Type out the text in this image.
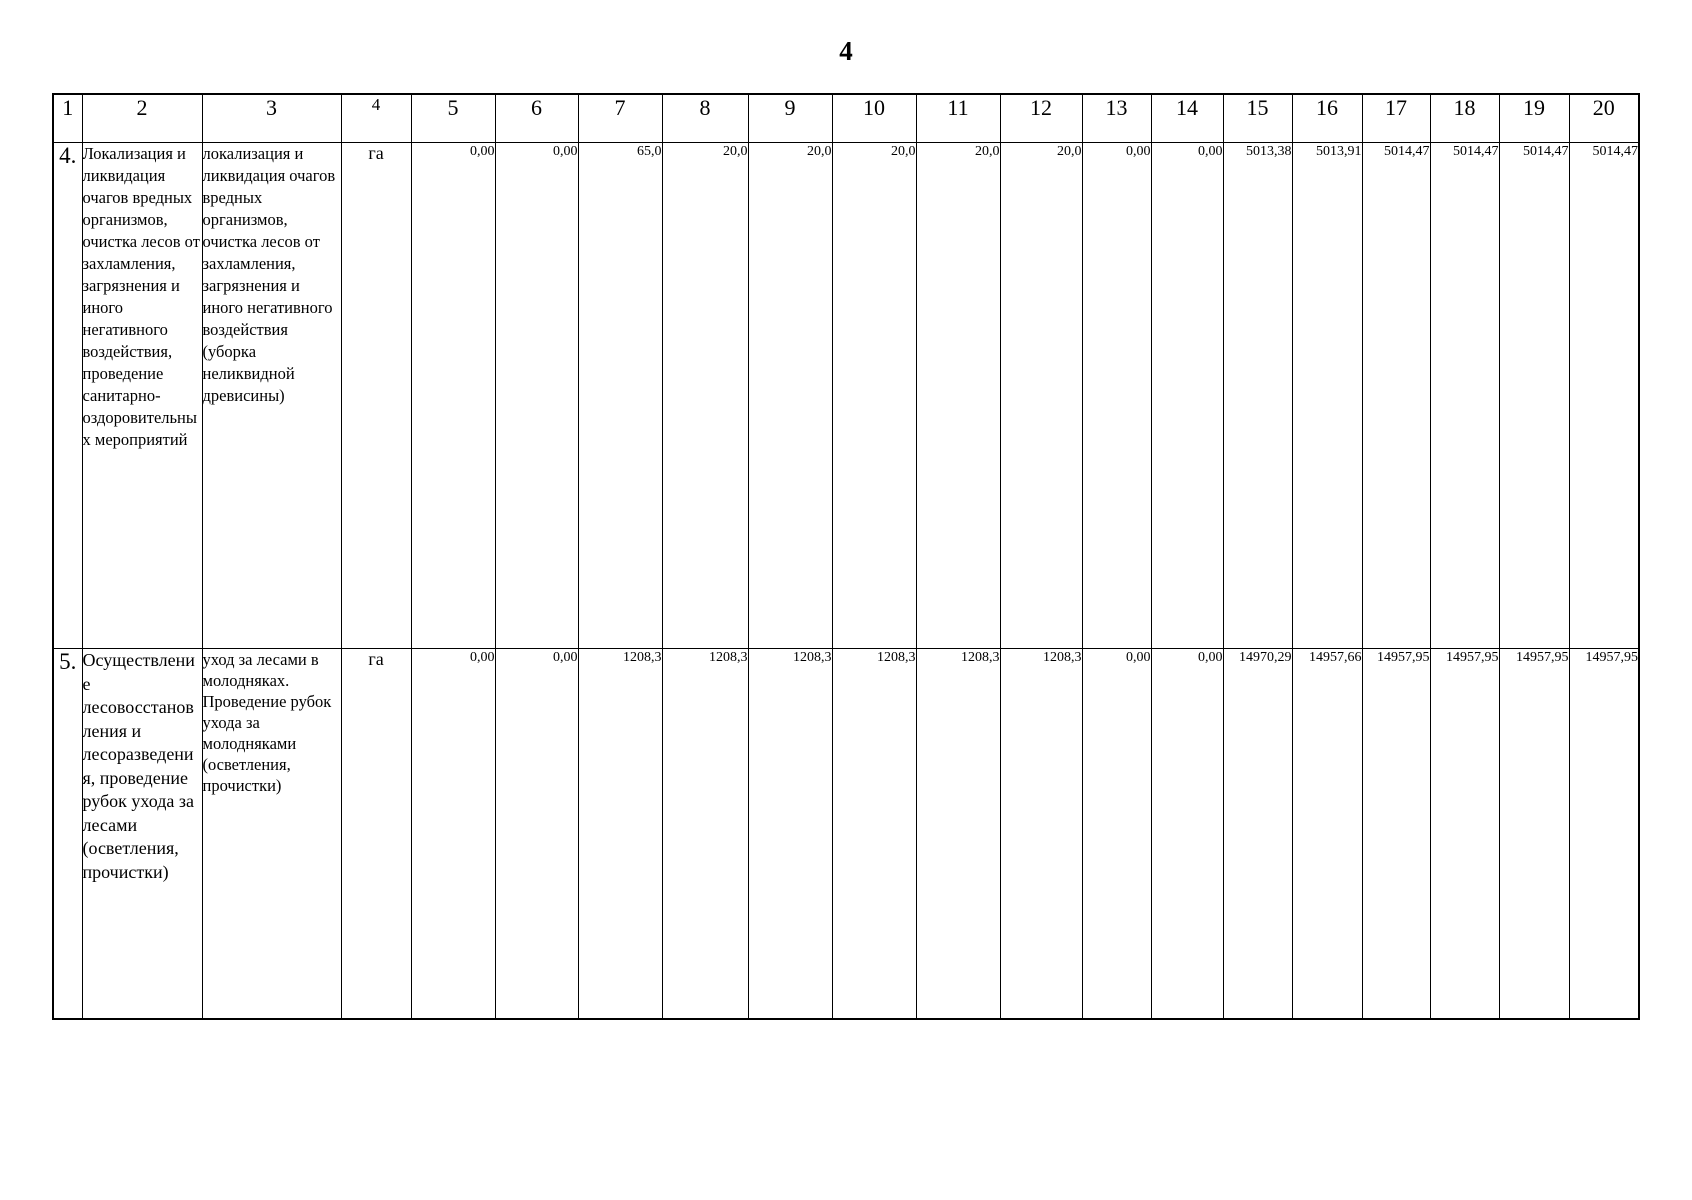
4
1	2	3	4	5	6	7	8	9	10	11	12	13	14	15	16	17	18	19	20
4.	Локализация и ликвидация очагов вредных организмов, очистка лесов от захламления, загрязнения и иного негативного воздействия, проведение санитарно-оздоровительных мероприятий	локализация и ликвидация очагов вредных организмов, очистка лесов от захламления, загрязнения и иного негативного воздействия (уборка неликвидной древисины)	га	0,00	0,00	65,0	20,0	20,0	20,0	20,0	20,0	0,00	0,00	5013,38	5013,91	5014,47	5014,47	5014,47	5014,47
5.	Осуществление лесовосстановления и лесоразведения, проведение рубок ухода за лесами (осветления, прочистки)	уход за лесами в молодняках. Проведение рубок ухода за молодняками (осветления, прочистки)	га	0,00	0,00	1208,3	1208,3	1208,3	1208,3	1208,3	1208,3	0,00	0,00	14970,29	14957,66	14957,95	14957,95	14957,95	14957,95
